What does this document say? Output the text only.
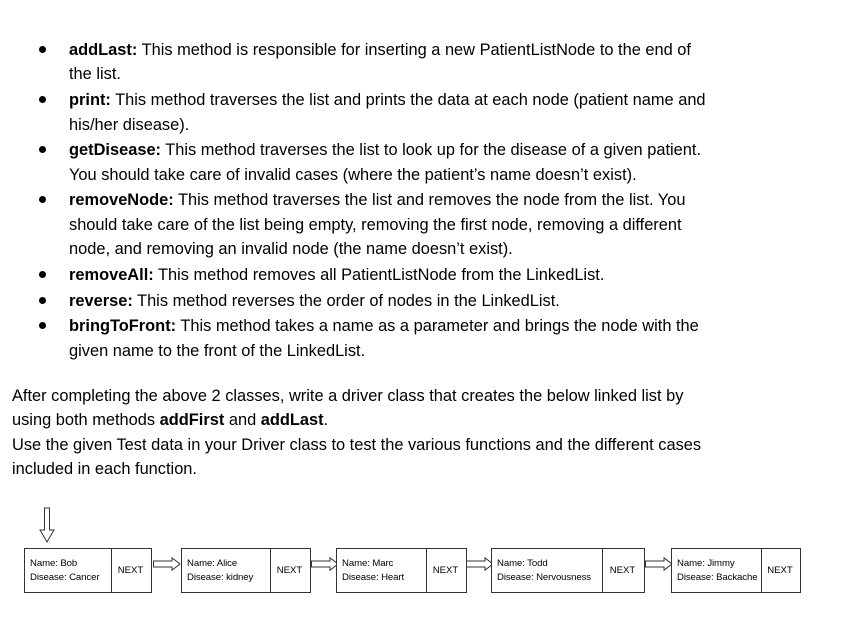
addLast: This method is responsible for inserting a new PatientListNode to the end of
the list.
print: This method traverses the list and prints the data at each node (patient name and
his/her disease).
getDisease: This method traverses the list to look up for the disease of a given patient.
You should take care of invalid cases (where the patient’s name doesn’t exist).
removeNode: This method traverses the list and removes the node from the list. You
should take care of the list being empty, removing the first node, removing a different
node, and removing an invalid node (the name doesn’t exist).
removeAll: This method removes all PatientListNode from the LinkedList.
reverse: This method reverses the order of nodes in the LinkedList.
bringToFront: This method takes a name as a parameter and brings the node with the
given name to the front of the LinkedList.

After completing the above 2 classes, write a driver class that creates the below linked list by
using both methods addFirst and addLast.
Use the given Test data in your Driver class to test the various functions and the different cases
included in each function.

Name: Bob
Disease: Cancer
NEXT
Name: Alice
Disease: kidney
NEXT
Name: Marc
Disease: Heart
NEXT
Name: Todd
Disease: Nervousness
NEXT
Name: Jimmy
Disease: Backache
NEXT
